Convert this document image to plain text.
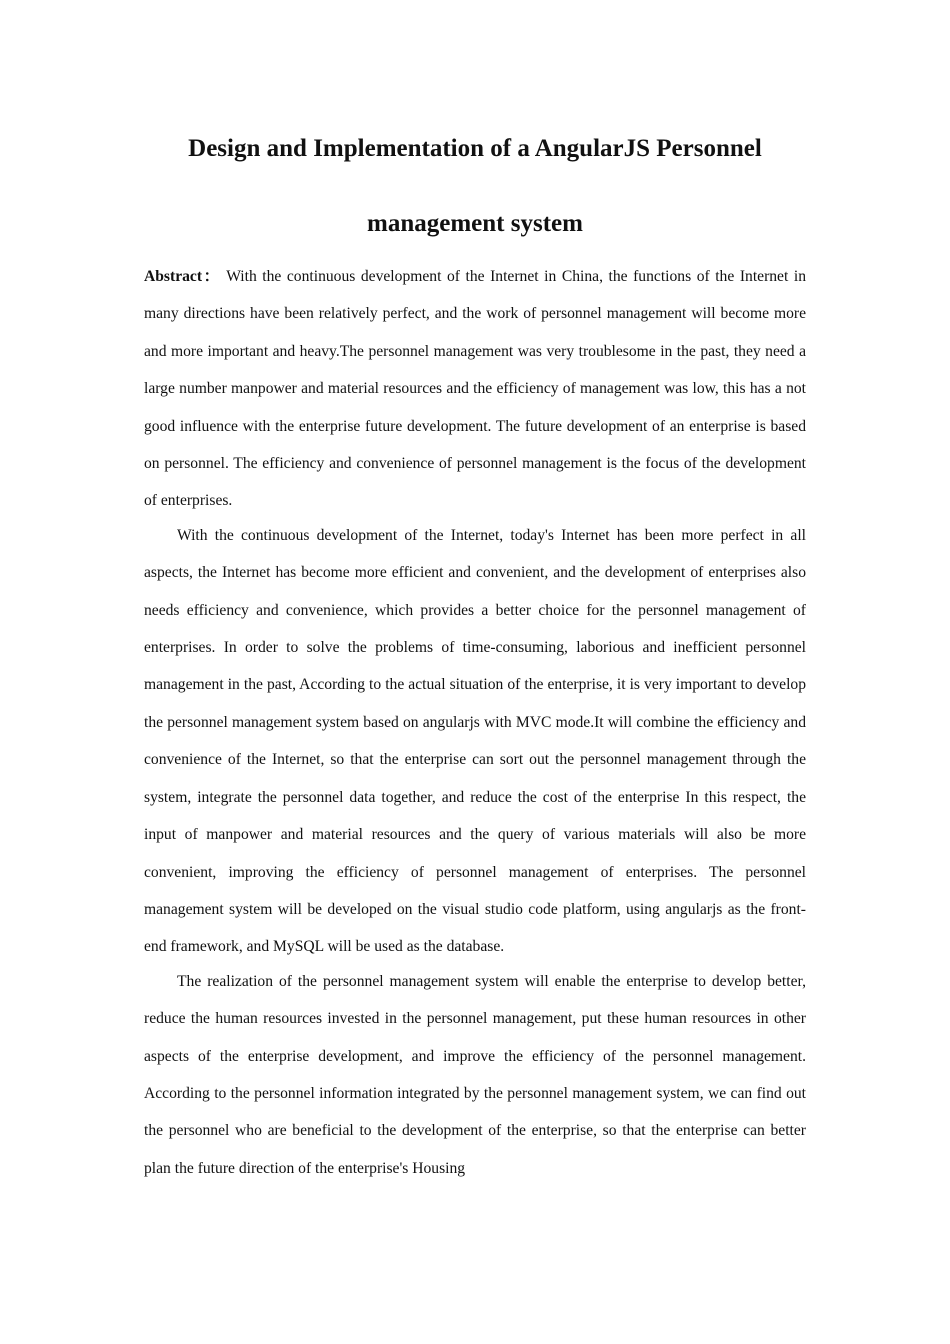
Design and Implementation of a AngularJS Personnel
management system

Abstract： With the continuous development of the Internet in China, the functions of the Internet in many directions have been relatively perfect, and the work of personnel management will become more and more important and heavy.The personnel management was very troublesome in the past, they need a large number manpower and material resources and the efficiency of management was low, this has a not good influence with the enterprise future development. The future development of an enterprise is based on personnel. The efficiency and convenience of personnel management is the focus of the development of enterprises.

With the continuous development of the Internet, today's Internet has been more perfect in all aspects, the Internet has become more efficient and convenient, and the development of enterprises also needs efficiency and convenience, which provides a better choice for the personnel management of enterprises. In order to solve the problems of time-consuming, laborious and inefficient personnel management in the past, According to the actual situation of the enterprise, it is very important to develop the personnel management system based on angularjs with MVC mode.It will combine the efficiency and convenience of the Internet, so that the enterprise can sort out the personnel management through the system, integrate the personnel data together, and reduce the cost of the enterprise In this respect, the input of manpower and material resources and the query of various materials will also be more convenient, improving the efficiency of personnel management of enterprises. The personnel management system will be developed on the visual studio code platform, using angularjs as the front-end framework, and MySQL will be used as the database.

The realization of the personnel management system will enable the enterprise to develop better, reduce the human resources invested in the personnel management, put these human resources in other aspects of the enterprise development, and improve the efficiency of the personnel management. According to the personnel information integrated by the personnel management system, we can find out the personnel who are beneficial to the development of the enterprise, so that the enterprise can better plan the future direction of the enterprise's Housing
